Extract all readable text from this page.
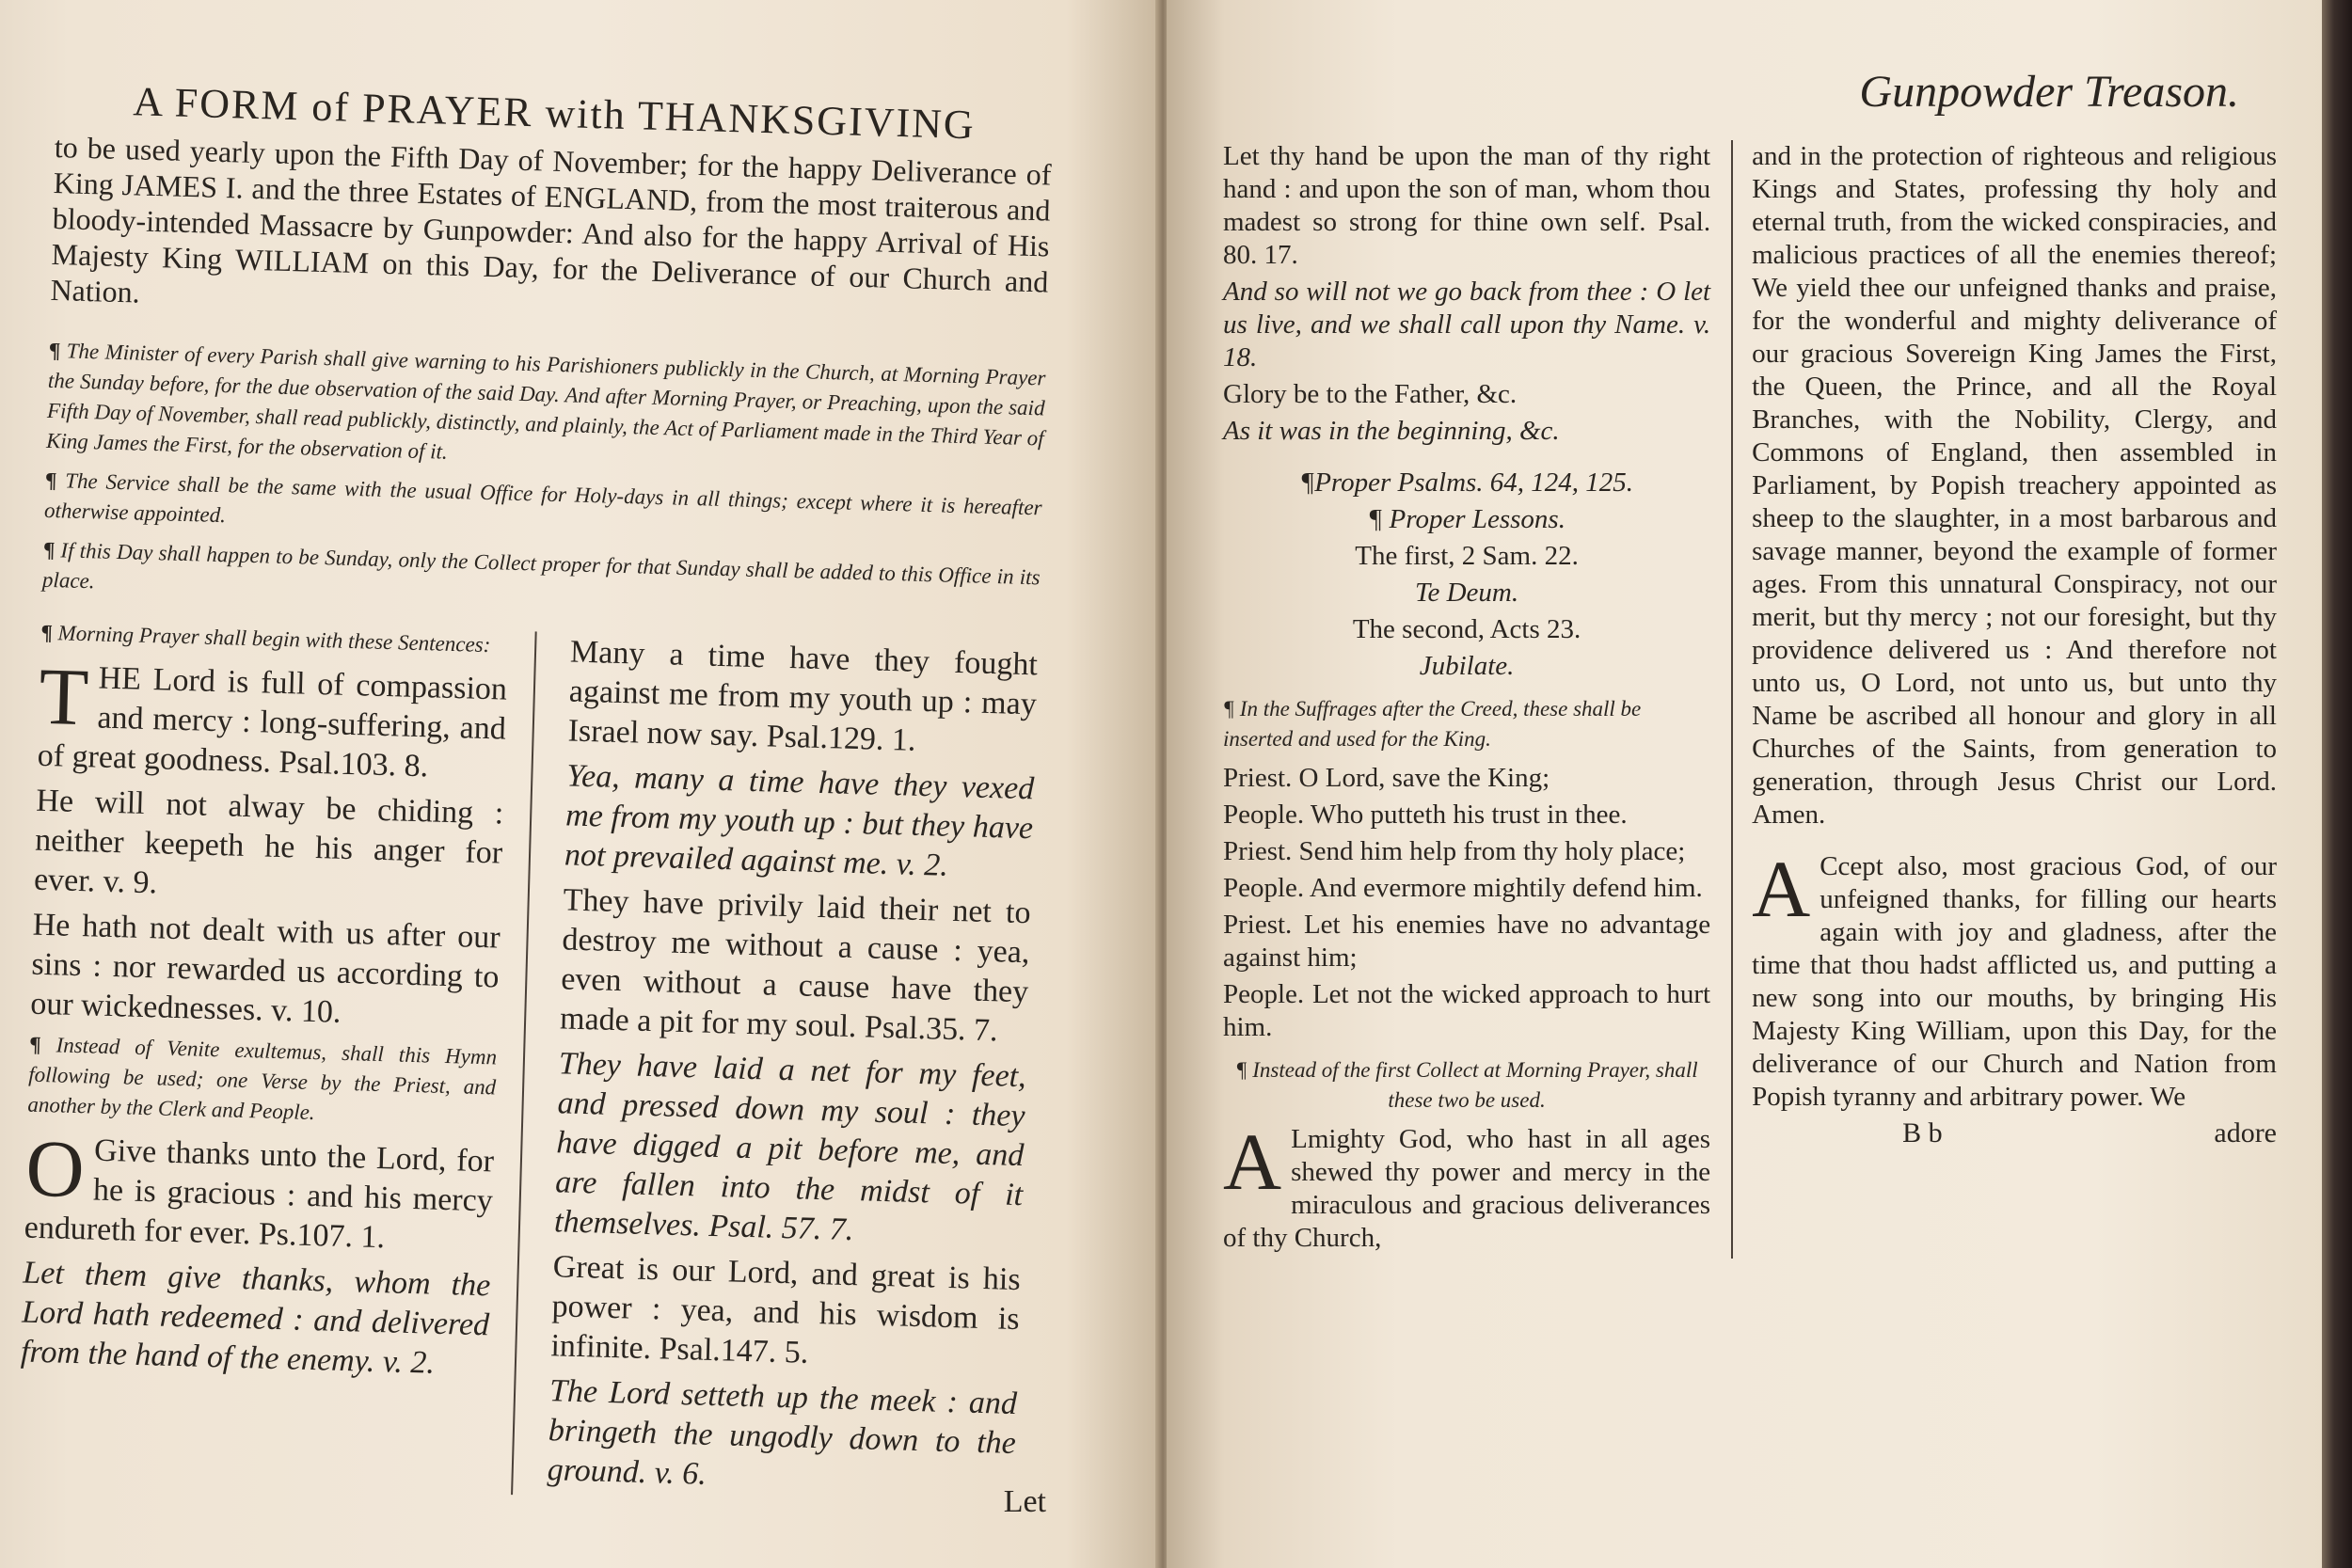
A FORM of PRAYER with THANKSGIVING

to be used yearly upon the Fifth Day of November; for the happy Deliverance of King JAMES I. and the three Estates of ENGLAND, from the most traiterous and bloody-intended Massacre by Gunpowder: And also for the happy Arrival of His Majesty King WILLIAM on this Day, for the Deliverance of our Church and Nation.

¶ The Minister of every Parish shall give warning to his Parishioners publickly in the Church, at Morning Prayer the Sunday before, for the due observation of the said Day. And after Morning Prayer, or Preaching, upon the said Fifth Day of November, shall read publickly, distinctly, and plainly, the Act of Parliament made in the Third Year of King James the First, for the observation of it.

¶ The Service shall be the same with the usual Office for Holy-days in all things; except where it is hereafter otherwise appointed.

¶ If this Day shall happen to be Sunday, only the Collect proper for that Sunday shall be added to this Office in its place.

¶ Morning Prayer shall begin with these Sentences:

THE Lord is full of compassion and mercy : long-suffering, and of great goodness. Psal.103. 8.

He will not alway be chiding : neither keepeth he his anger for ever. v. 9.

He hath not dealt with us after our sins : nor rewarded us according to our wickednesses. v. 10.

¶ Instead of Venite exultemus, shall this Hymn following be used; one Verse by the Priest, and another by the Clerk and People.

O Give thanks unto the Lord, for he is gracious : and his mercy endureth for ever. Ps.107. 1.

Let them give thanks, whom the Lord hath redeemed : and delivered from the hand of the enemy. v. 2.

Many a time have they fought against me from my youth up : may Israel now say. Psal.129. 1.

Yea, many a time have they vexed me from my youth up : but they have not prevailed against me. v. 2.

They have privily laid their net to destroy me without a cause : yea, even without a cause have they made a pit for my soul. Psal.35. 7.

They have laid a net for my feet, and pressed down my soul : they have digged a pit before me, and are fallen into the midst of it themselves. Psal. 57. 7.

Great is our Lord, and great is his power : yea, and his wisdom is infinite. Psal.147. 5.

The Lord setteth up the meek : and bringeth the ungodly down to the ground. v. 6.

Let
Gunpowder Treason.

Let thy hand be upon the man of thy right hand : and upon the son of man, whom thou madest so strong for thine own self. Psal. 80. 17.

And so will not we go back from thee : O let us live, and we shall call upon thy Name. v. 18.

Glory be to the Father, &c.

As it was in the beginning, &c.

¶Proper Psalms. 64, 124, 125.

¶ Proper Lessons.

The first, 2 Sam. 22.

Te Deum.

The second, Acts 23.

Jubilate.

¶ In the Suffrages after the Creed, these shall be inserted and used for the King.

Priest. O Lord, save the King;

People. Who putteth his trust in thee.

Priest. Send him help from thy holy place;

People. And evermore mightily defend him.

Priest. Let his enemies have no advantage against him;

People. Let not the wicked approach to hurt him.

¶ Instead of the first Collect at Morning Prayer, shall these two be used.

A Lmighty God, who hast in all ages shewed thy power and mercy in the miraculous and gracious deliverances of thy Church,

and in the protection of righteous and religious Kings and States, professing thy holy and eternal truth, from the wicked conspiracies, and malicious practices of all the enemies thereof; We yield thee our unfeigned thanks and praise, for the wonderful and mighty deliverance of our gracious Sovereign King James the First, the Queen, the Prince, and all the Royal Branches, with the Nobility, Clergy, and Commons of England, then assembled in Parliament, by Popish treachery appointed as sheep to the slaughter, in a most barbarous and savage manner, beyond the example of former ages. From this unnatural Conspiracy, not our merit, but thy mercy ; not our foresight, but thy providence delivered us : And therefore not unto us, O Lord, not unto us, but unto thy Name be ascribed all honour and glory in all Churches of the Saints, from generation to generation, through Jesus Christ our Lord. Amen.

A Ccept also, most gracious God, of our unfeigned thanks, for filling our hearts again with joy and gladness, after the time that thou hadst afflicted us, and putting a new song into our mouths, by bringing His Majesty King William, upon this Day, for the deliverance of our Church and Nation from Popish tyranny and arbitrary power. We

B b	adore
